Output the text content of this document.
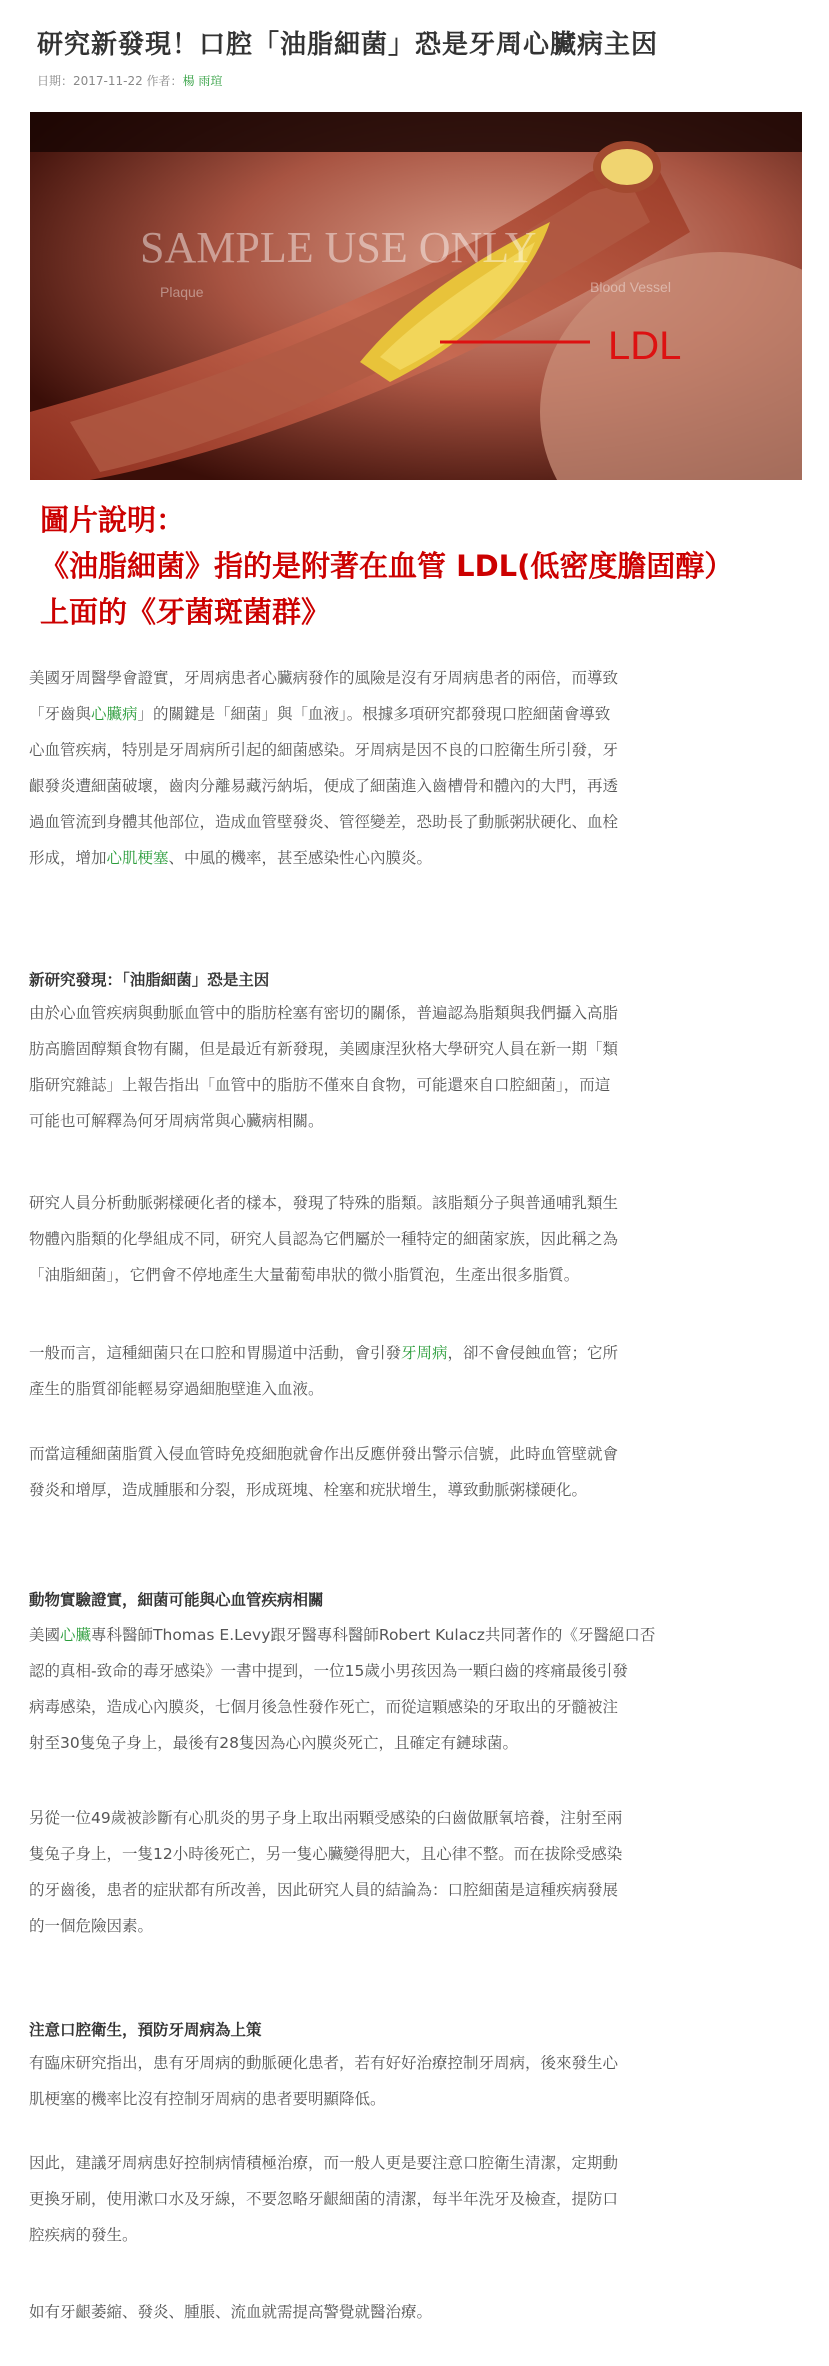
研究新發現！口腔「油脂細菌」恐是牙周心臟病主因
日期：2017-11-22 作者：楊 雨瑄
SAMPLE USE ONLY
Plaque	Blood Vessel
LDL
圖片說明：
《油脂細菌》指的是附著在血管 LDL(低密度膽固醇）
上面的《牙菌斑菌群》

美國牙周醫學會證實，牙周病患者心臟病發作的風險是沒有牙周病患者的兩倍，而導致

「牙齒與心臟病」的關鍵是「細菌」與「血液」。根據多項研究都發現口腔細菌會導致

心血管疾病，特別是牙周病所引起的細菌感染。牙周病是因不良的口腔衛生所引發，牙

齦發炎遭細菌破壞，齒肉分離易藏污納垢，便成了細菌進入齒槽骨和體內的大門，再透

過血管流到身體其他部位，造成血管壁發炎、管徑變差，恐助長了動脈粥狀硬化、血栓

形成，增加心肌梗塞、中風的機率，甚至感染性心內膜炎。

新研究發現：「油脂細菌」恐是主因

由於心血管疾病與動脈血管中的脂肪栓塞有密切的關係，普遍認為脂類與我們攝入高脂

肪高膽固醇類食物有關，但是最近有新發現，美國康涅狄格大學研究人員在新一期「類

脂研究雜誌」上報告指出「血管中的脂肪不僅來自食物，可能還來自口腔細菌」，而這

可能也可解釋為何牙周病常與心臟病相關。

研究人員分析動脈粥樣硬化者的樣本，發現了特殊的脂類。該脂類分子與普通哺乳類生

物體內脂類的化學組成不同，研究人員認為它們屬於一種特定的細菌家族，因此稱之為

「油脂細菌」，它們會不停地產生大量葡萄串狀的微小脂質泡，生產出很多脂質。

一般而言，這種細菌只在口腔和胃腸道中活動，會引發牙周病，卻不會侵蝕血管；它所

產生的脂質卻能輕易穿過細胞壁進入血液。

而當這種細菌脂質入侵血管時免疫細胞就會作出反應併發出警示信號，此時血管壁就會

發炎和增厚，造成腫脹和分裂，形成斑塊、栓塞和疣狀增生，導致動脈粥樣硬化。

動物實驗證實，細菌可能與心血管疾病相關

美國心臟專科醫師Thomas E.Levy跟牙醫專科醫師Robert Kulacz共同著作的《牙醫絕口否

認的真相-致命的毒牙感染》一書中提到，一位15歲小男孩因為一顆臼齒的疼痛最後引發

病毒感染，造成心內膜炎，七個月後急性發作死亡，而從這顆感染的牙取出的牙髓被注

射至30隻兔子身上，最後有28隻因為心內膜炎死亡，且確定有鏈球菌。

另從一位49歲被診斷有心肌炎的男子身上取出兩顆受感染的臼齒做厭氧培養，注射至兩

隻兔子身上，一隻12小時後死亡，另一隻心臟變得肥大，且心律不整。而在拔除受感染

的牙齒後，患者的症狀都有所改善，因此研究人員的結論為：口腔細菌是這種疾病發展

的一個危險因素。

注意口腔衛生，預防牙周病為上策

有臨床研究指出，患有牙周病的動脈硬化患者，若有好好治療控制牙周病，後來發生心

肌梗塞的機率比沒有控制牙周病的患者要明顯降低。

因此，建議牙周病患好控制病情積極治療，而一般人更是要注意口腔衛生清潔，定期動

更換牙刷，使用漱口水及牙線，不要忽略牙齦細菌的清潔，每半年洗牙及檢查，提防口

腔疾病的發生。

如有牙齦萎縮、發炎、腫脹、流血就需提高警覺就醫治療。
